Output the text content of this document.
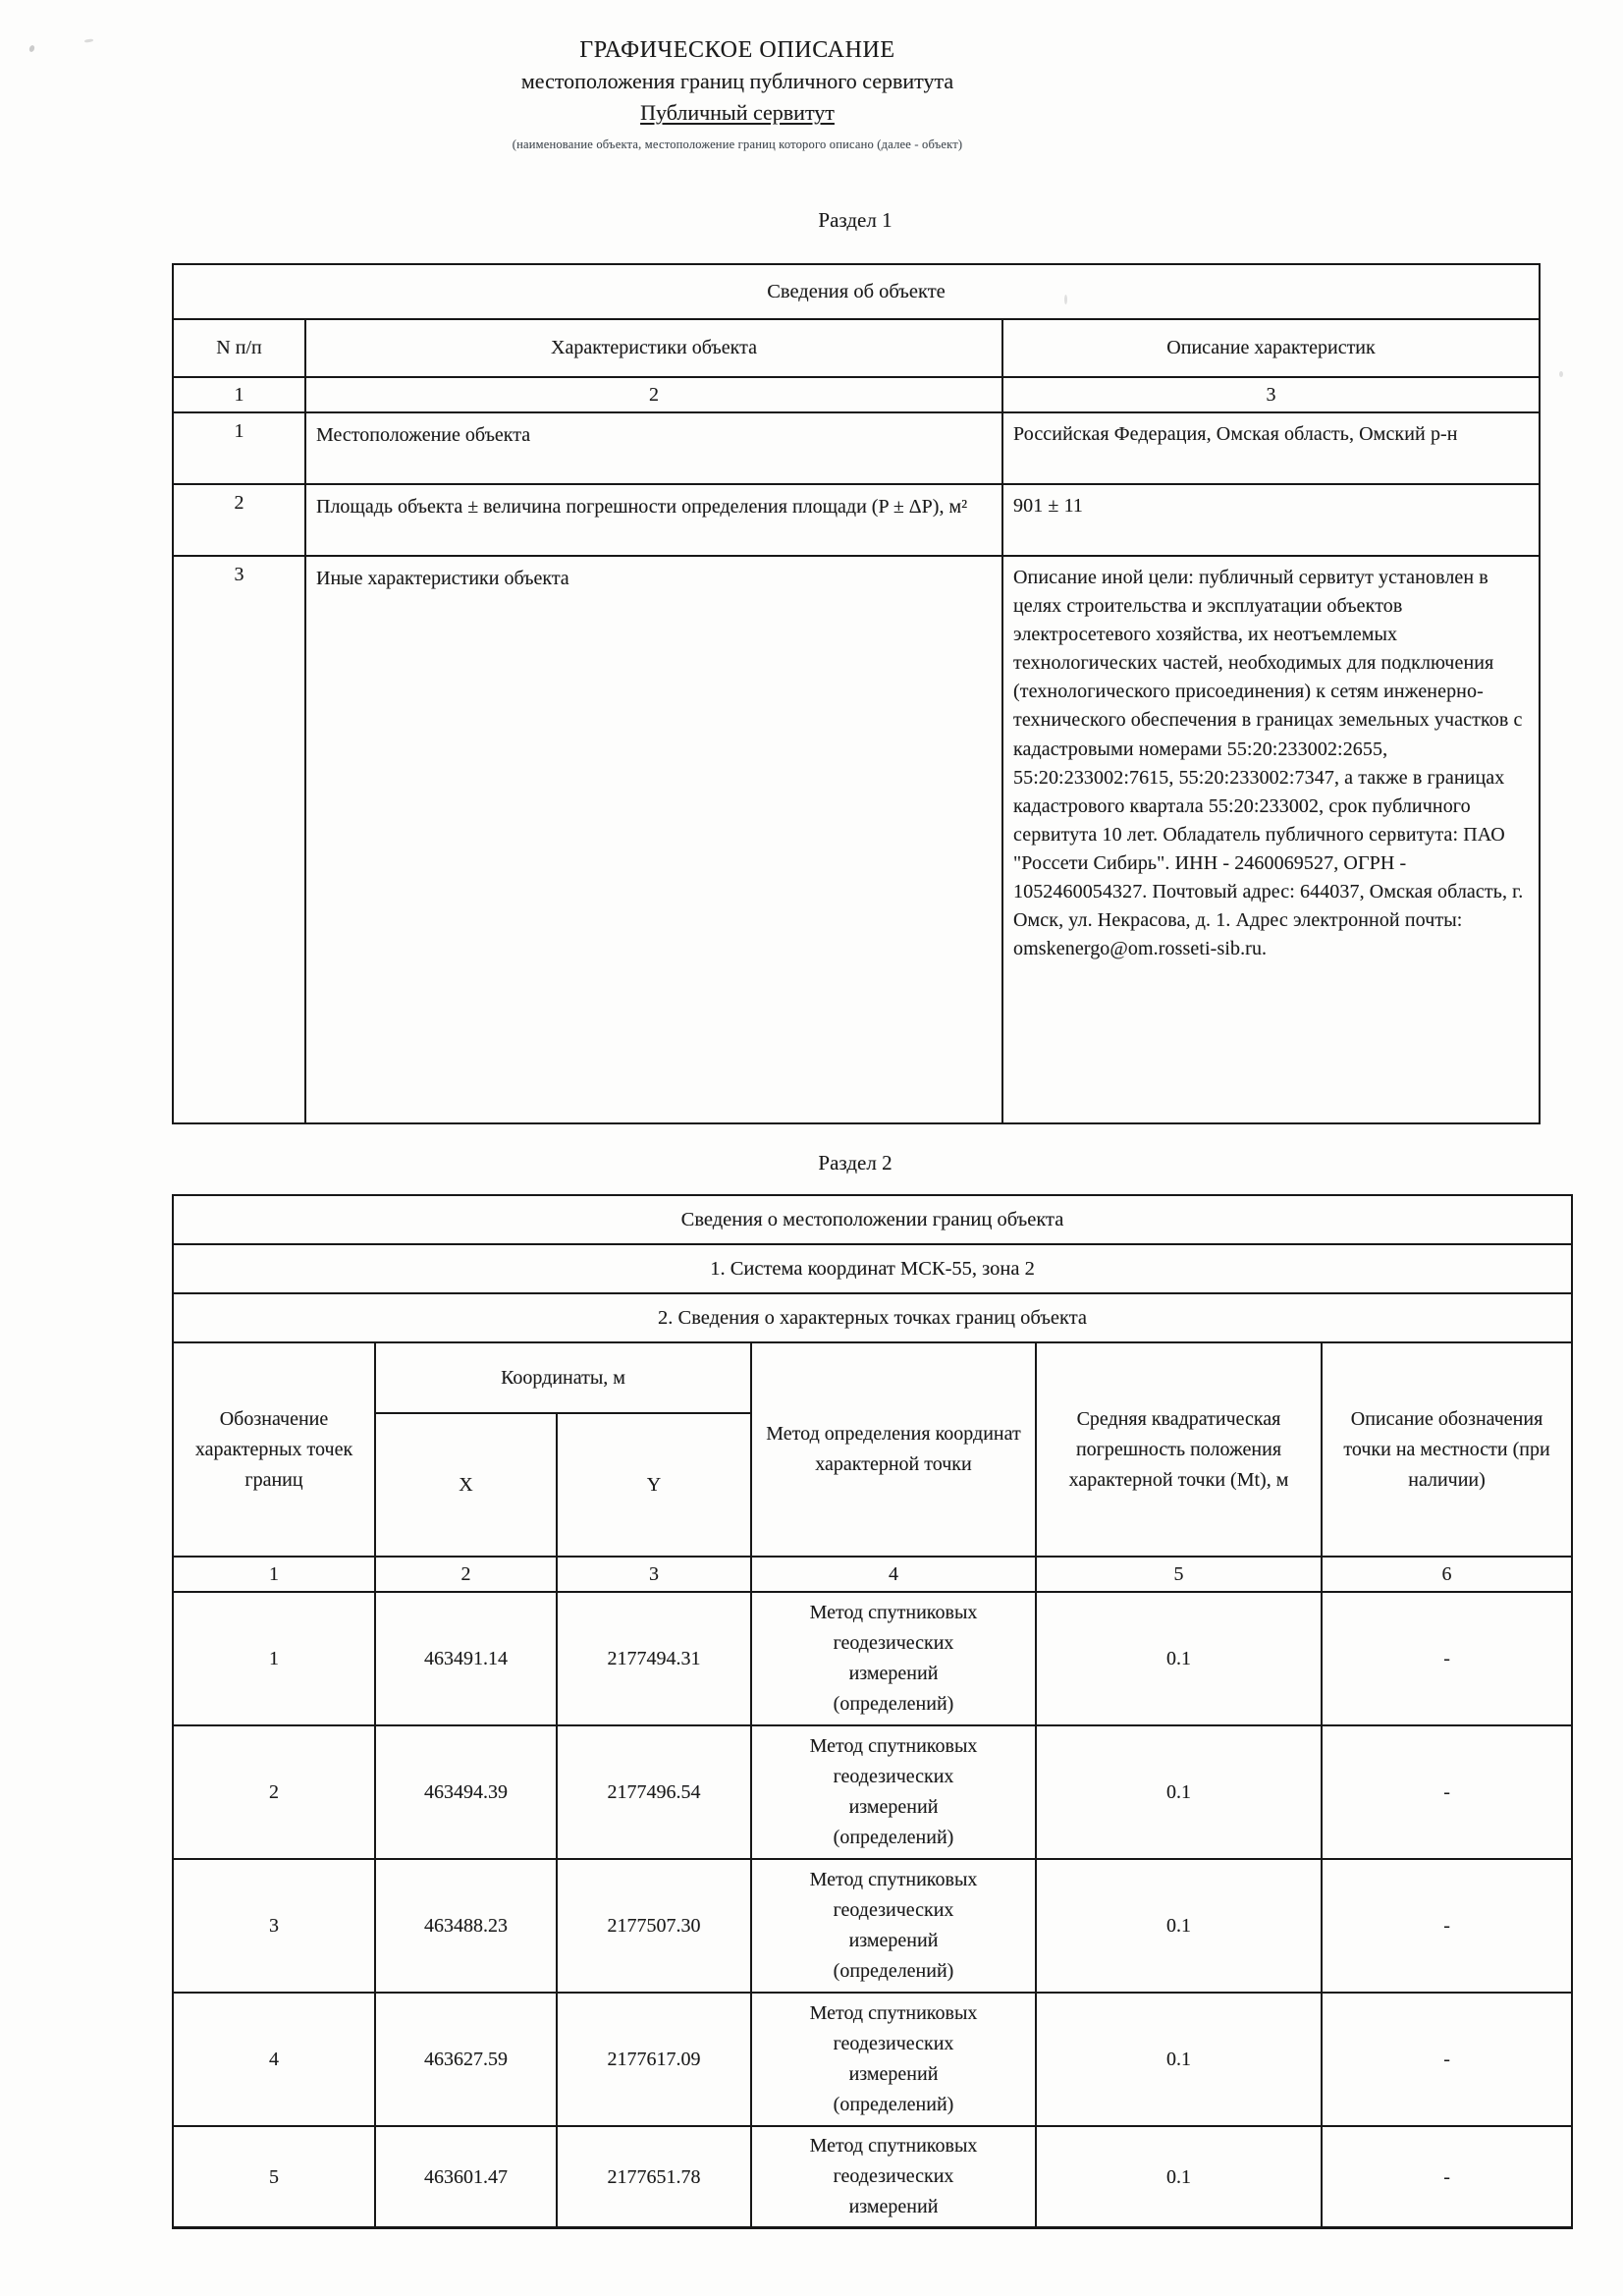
ГРАФИЧЕСКОЕ ОПИСАНИЕ
местоположения границ публичного сервитута
Публичный сервитут
(наименование объекта, местоположение границ которого описано (далее - объект)
Раздел 1
Сведения об объекте		
N п/п	Характеристики объекта	Описание характеристик
1	2	3
1	Местоположение объекта	Российская Федерация, Омская область, Омский р-н
2	Площадь объекта ± величина погрешности определения площади (P ± ΔP), м²	901 ± 11
3	Иные характеристики объекта	Описание иной цели: публичный сервитут установлен в целях строительства и эксплуатации объектов электросетевого хозяйства, их неотъемлемых технологических частей, необходимых для подключения (технологического присоединения) к сетям инженерно-технического обеспечения в границах земельных участков с кадастровыми номерами 55:20:233002:2655, 55:20:233002:7615, 55:20:233002:7347, а также в границах кадастрового квартала 55:20:233002, срок публичного сервитута 10 лет. Обладатель публичного сервитута: ПАО "Россети Сибирь". ИНН - 2460069527, ОГРН - 1052460054327. Почтовый адрес: 644037, Омская область, г. Омск, ул. Некрасова, д. 1. Адрес электронной почты: omskenergo@om.rosseti-sib.ru.
Раздел 2
Сведения о местоположении границ объекта					
1. Система координат МСК-55, зона 2					
2. Сведения о характерных точках границ объекта					
Обозначение характерных точек границ	Координаты, м		Метод определения координат характерной точки	Средняя квадратическая погрешность положения характерной точки (Mt), м	Описание обозначения точки на местности (при наличии)
	X	Y			
1	2	3	4	5	6
1	463491.14	2177494.31	Метод спутниковых геодезических измерений (определений)	0.1	-
2	463494.39	2177496.54	Метод спутниковых геодезических измерений (определений)	0.1	-
3	463488.23	2177507.30	Метод спутниковых геодезических измерений (определений)	0.1	-
4	463627.59	2177617.09	Метод спутниковых геодезических измерений (определений)	0.1	-
5	463601.47	2177651.78	Метод спутниковых геодезических измерений	0.1	-
